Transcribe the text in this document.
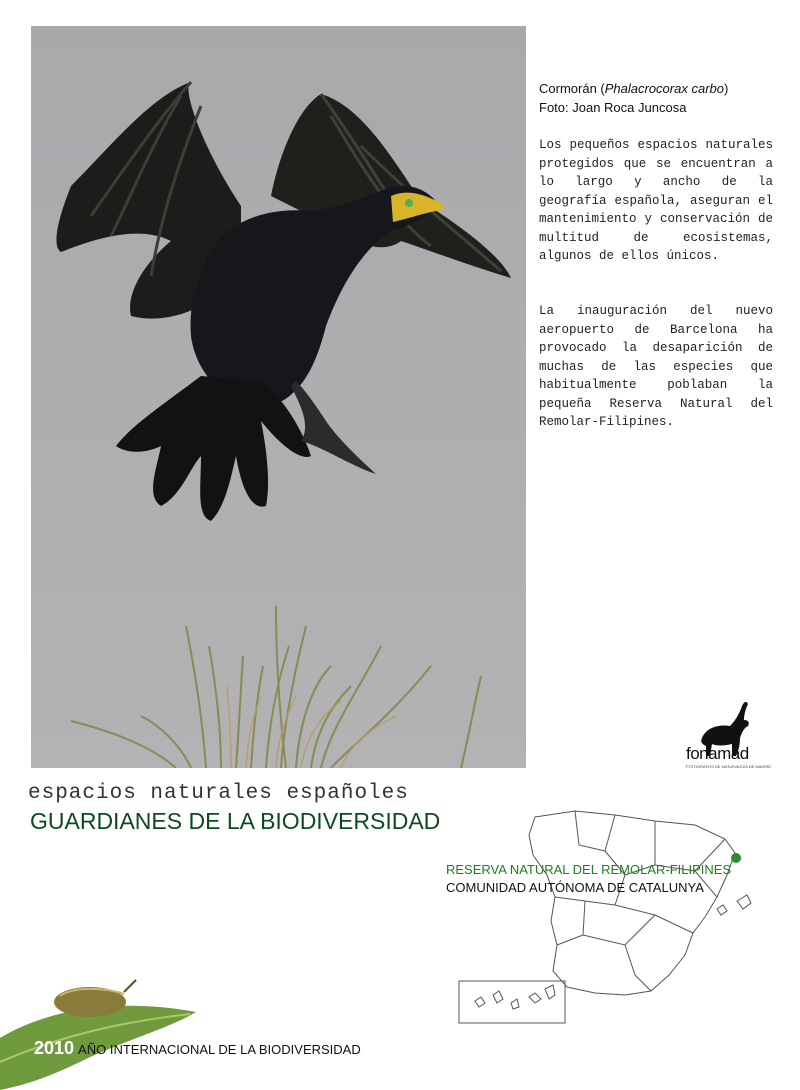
Cormorán (Phalacrocorax carbo)
Foto: Joan Roca Juncosa

Los pequeños espacios naturales protegidos que se encuentran a lo largo y ancho de la geografía española, aseguran el mantenimiento y conservación de multitud de ecosistemas, algunos de ellos únicos.

La inauguración del nuevo aeropuerto de Barcelona ha provocado la desaparición de muchas de las especies que habitualmente poblaban la pequeña Reserva Natural del Remolar-Filipines.

fonamad
FOTOGRAFOS DE NATURALEZA DE MADRID
espacios naturales españoles
GUARDIANES DE LA BIODIVERSIDAD
RESERVA NATURAL DEL REMOLAR-FILIPINES
COMUNIDAD AUTÓNOMA DE CATALUNYA
2010 AÑO INTERNACIONAL DE LA BIODIVERSIDAD
